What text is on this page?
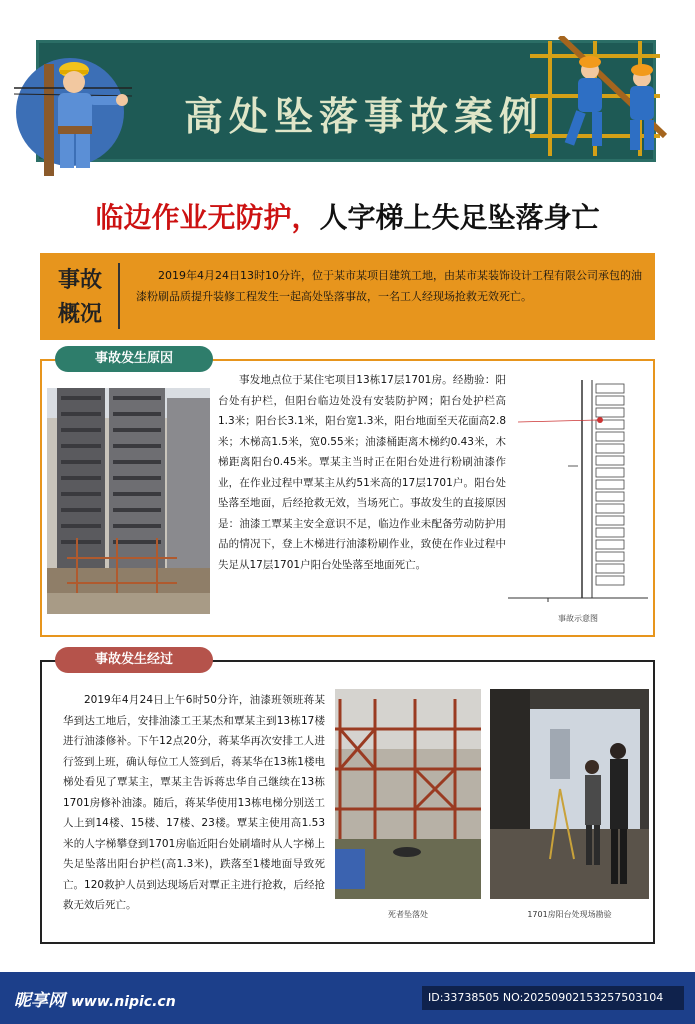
高处坠落事故案例
临边作业无防护，人字梯上失足坠落身亡
事故
概况
2019年4月24日13时10分许，位于某市某项目建筑工地，由某市某装饰设计工程有限公司承包的油漆粉刷品质提升装修工程发生一起高处坠落事故，一名工人经现场抢救无效死亡。
事故发生原因
事发地点位于某住宅项目13栋17层1701房。经勘验：阳台处有护栏，但阳台临边处没有安装防护网；阳台处护栏高1.3米；阳台长3.1米，阳台宽1.3米，阳台地面至天花面高2.8米；木梯高1.5米，宽0.55米；油漆桶距离木梯约0.43米，木梯距离阳台0.45米。覃某主当时正在阳台处进行粉刷油漆作业，在作业过程中覃某主从约51米高的17层1701户。阳台处坠落至地面，后经抢救无效，当场死亡。事故发生的直接原因是：油漆工覃某主安全意识不足，临边作业未配备劳动防护用品的情况下，登上木梯进行油漆粉刷作业，致使在作业过程中失足从17层1701户阳台处坠落至地面死亡。
事故示意图
事故发生经过
2019年4月24日上午6时50分许，油漆班领班蒋某华到达工地后，安排油漆工王某杰和覃某主到13栋17楼进行油漆修补。下午12点20分，蒋某华再次安排工人进行签到上班，确认每位工人签到后，蒋某华在13栋1楼电梯处看见了覃某主，覃某主告诉蒋忠华自己继续在13栋1701房修补油漆。随后，蒋某华使用13栋电梯分别送工人上到14楼、15楼、17楼、23楼。覃某主使用高1.53米的人字梯攀登到1701房临近阳台处刷墙时从人字梯上失足坠落出阳台护栏(高1.3米)，跌落至1楼地面导致死亡。120救护人员到达现场后对覃正主进行抢救，后经抢救无效后死亡。
死者坠落处	1701房阳台处现场勘验
昵享网 www.nipic.cn	ID:33738505 NO:20250902153257503104
